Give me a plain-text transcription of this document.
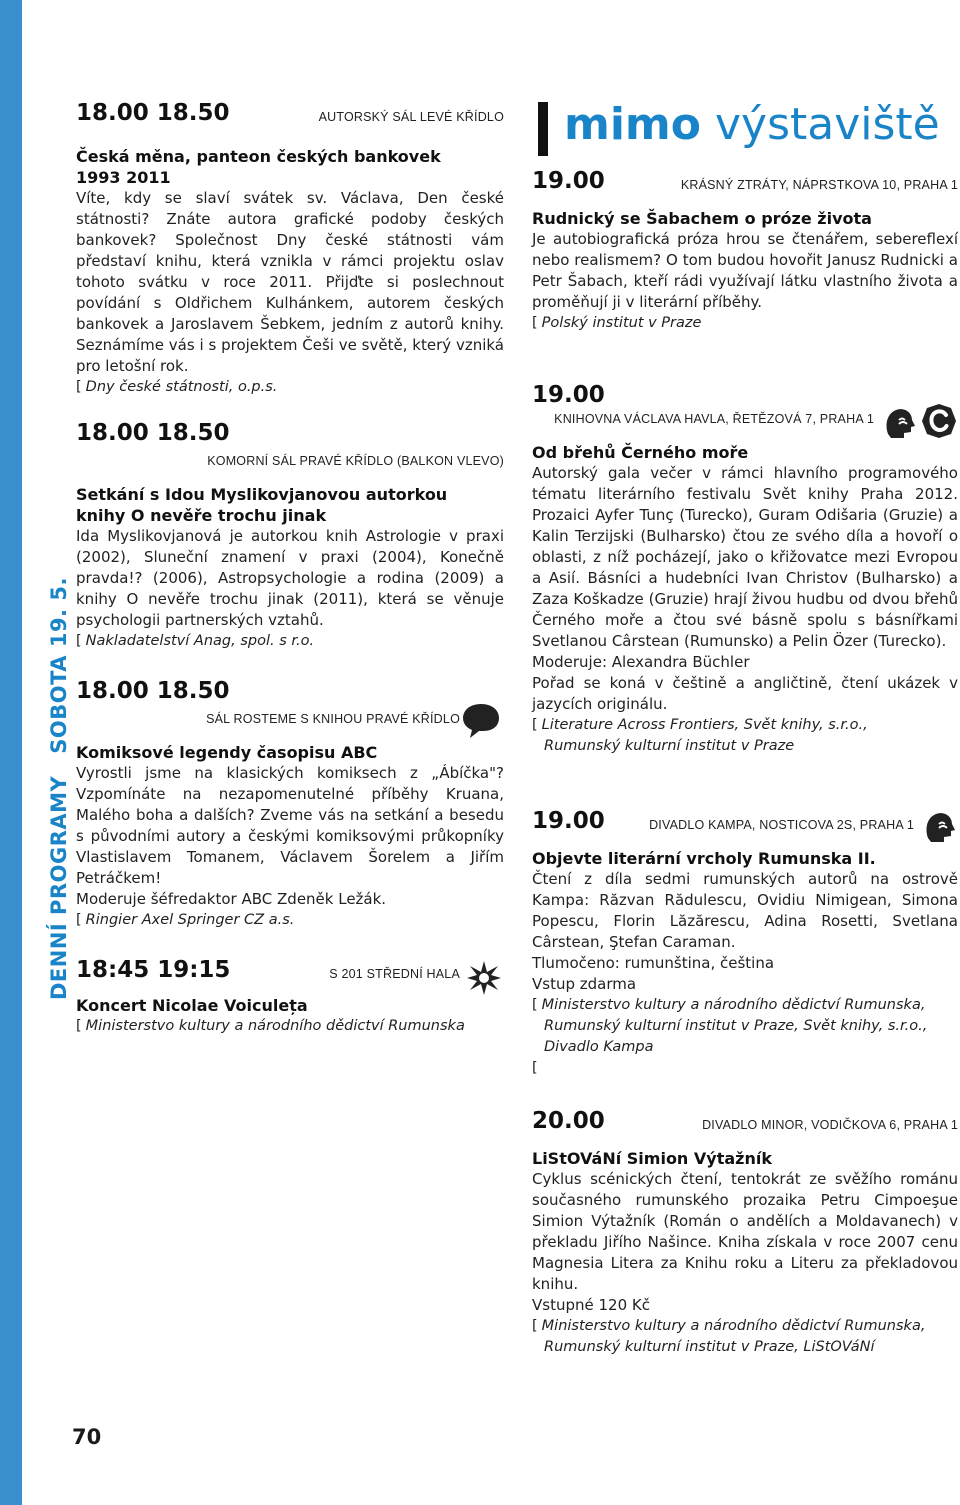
DENNÍ PROGRAMYSOBOTA 19. 5.
70
18.00 18.50	AUTORSKÝ SÁL LEVÉ KŘÍDLO
Česká měna, panteon českých bankovek
1993 2011

Víte, kdy se slaví svátek sv. Václava, Den české státnosti? Znáte autora grafické podoby českých bankovek? Společnost Dny české státnosti vám představí knihu, která vznikla v rámci projektu oslav tohoto svátku v roce 2011. Přijďte si poslechnout povídání s Oldřichem Kulhánkem, autorem českých bankovek a Jaroslavem Šebkem, jedním z autorů knihy. Seznámíme vás i s projektem Češi ve světě, který vzniká pro letošní rok.

[ Dny české státnosti, o.p.s.
18.00 18.50
KOMORNÍ SÁL PRAVÉ KŘÍDLO (BALKON VLEVO)
Setkání s Idou Myslikovjanovou autorkou
knihy O nevěře trochu jinak

Ida Myslikovjanová je autorkou knih Astrologie v praxi (2002), Sluneční znamení v praxi (2004), Konečně pravda!? (2006), Astropsychologie a rodina (2009) a knihy O nevěře trochu jinak (2011), která se věnuje psychologii partnerských vztahů.

[ Nakladatelství Anag, spol. s r.o.
18.00 18.50
SÁL ROSTEME S KNIHOU PRAVÉ KŘÍDLO
Komiksové legendy časopisu ABC

Vyrostli jsme na klasických komiksech z „Ábíčka"? Vzpomínáte na nezapomenutelné příběhy Kruana, Malého boha a dalších? Zveme vás na setkání a besedu s původními autory a českými komiksovými průkopníky Vlastislavem Tomanem, Václavem Šorelem a Jiřím Petráčkem!

Moderuje šéfredaktor ABC Zdeněk Ležák.

[ Ringier Axel Springer CZ a.s.
18:45 19:15	S 201 STŘEDNÍ HALA
Koncert Nicolae Voiculeța
[ Ministerstvo kultury a národního dědictví Rumunska
mimo výstaviště
19.00	KRÁSNÝ ZTRÁTY, NÁPRSTKOVA 10, PRAHA 1
Rudnický se Šabachem o próze života

Je autobiografická próza hrou se čtenářem, sebereflexí nebo realismem? O tom budou hovořit Janusz Rudnicki a Petr Šabach, kteří rádi využívají látku vlastního života a proměňují ji v literární příběhy.

[ Polský institut v Praze
19.00
KNIHOVNA VÁCLAVA HAVLA, ŘETĚZOVÁ 7, PRAHA 1
Od břehů Černého moře

Autorský gala večer v rámci hlavního programového tématu literárního festivalu Svět knihy Praha 2012. Prozaici Ayfer Tunç (Turecko), Guram Odišaria (Gruzie) a Kalin Terzijski (Bulharsko) čtou ze svého díla a hovoří o oblasti, z níž pocházejí, jako o křižovatce mezi Evropou a Asií. Básníci a hudebníci Ivan Christov (Bulharsko) a Zaza Koškadze (Gruzie) hrají živou hudbu od dvou břehů Černého moře a čtou své básně spolu s básnířkami Svetlanou Cârstean (Rumunsko) a Pelin Özer (Turecko).

Moderuje: Alexandra Büchler

Pořad se koná v češtině a angličtině, čtení ukázek v jazycích originálu.

[ Literature Across Frontiers, Svět knihy, s.r.o.,
Rumunský kulturní institut v Praze
19.00	DIVADLO KAMPA, NOSTICOVA 2S, PRAHA 1
Objevte literární vrcholy Rumunska II.

Čtení z díla sedmi rumunských autorů na ostrově Kampa: Răzvan Rădulescu, Ovidiu Nimigean, Simona Popescu, Florin Lăzărescu, Adina Rosetti, Svetlana Cârstean, Ştefan Caraman.

Tlumočeno: rumunština, čeština

Vstup zdarma

[ Ministerstvo kultury a národního dědictví Rumunska,
Rumunský kulturní institut v Praze, Svět knihy, s.r.o.,
Divadlo Kampa
[
20.00	DIVADLO MINOR, VODIČKOVA 6, PRAHA 1
LiStOVáNí Simion Výtažník

Cyklus scénických čtení, tentokrát ze svěžího románu současného rumunského prozaika Petru Cimpoeşue Simion Výtažník (Román o andělích a Moldavanech) v překladu Jiřího Našince. Kniha získala v roce 2007 cenu Magnesia Litera za Knihu roku a Literu za překladovou knihu.

Vstupné 120 Kč

[ Ministerstvo kultury a národního dědictví Rumunska,
Rumunský kulturní institut v Praze, LiStOVáNí
